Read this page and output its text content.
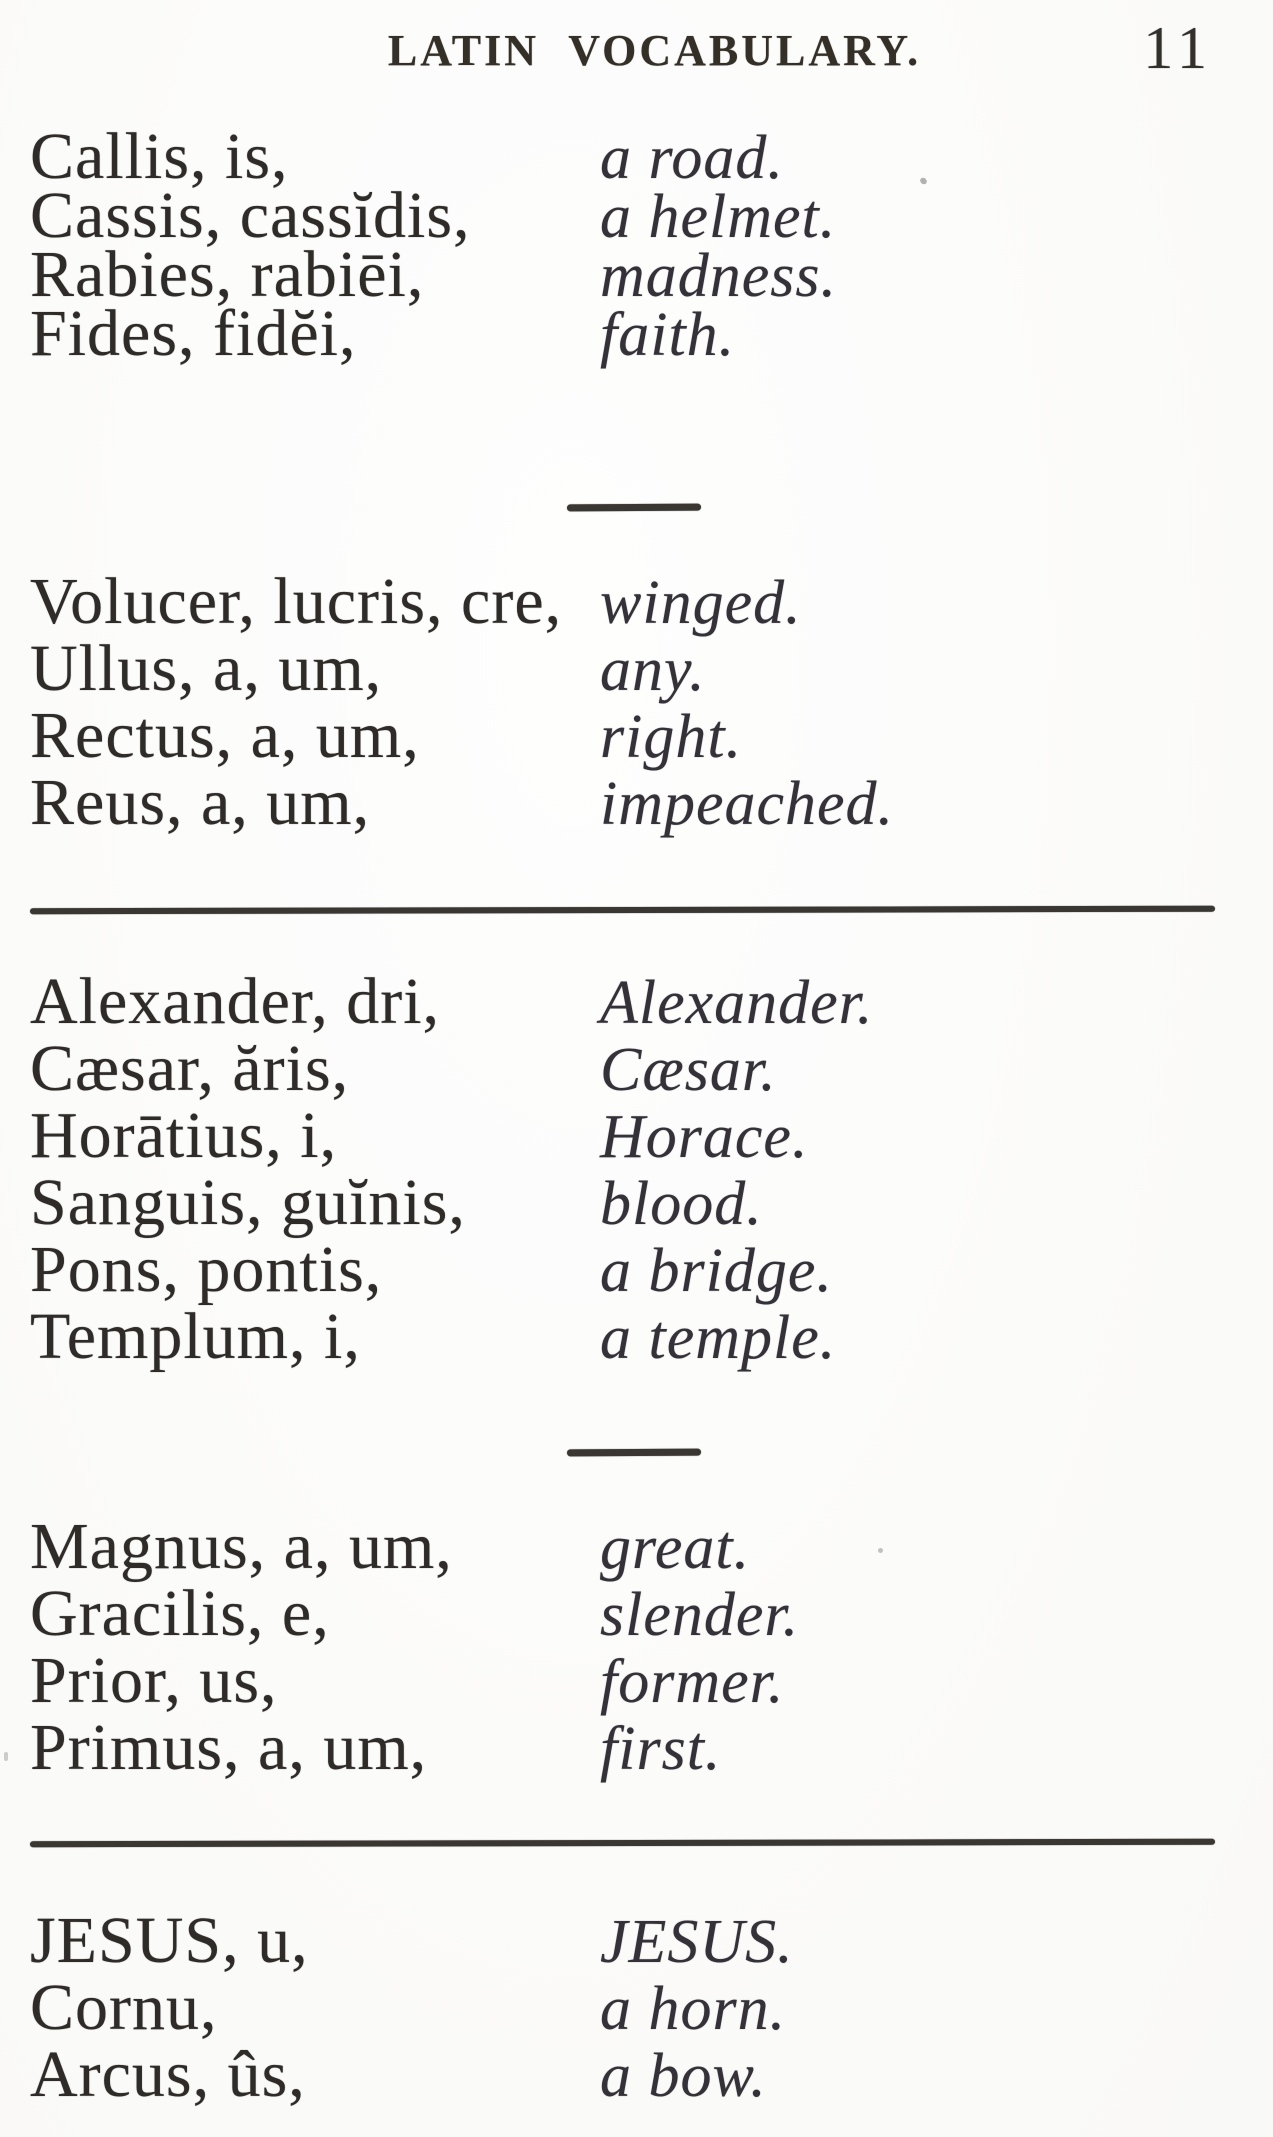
LATIN VOCABULARY.	11
Callis, is,	a road.
Cassis, cassĭdis,	a helmet.
Rabies, rabiēi,	madness.
Fides, fidĕi,	faith.
Volucer, lucris, cre, winged.
Ullus, a, um,	any.
Rectus, a, um,	right.
Reus, a, um,	impeached.
Alexander, dri,	Alexander.
Cæsar, ăris,	Cæsar.
Horātius, i,	Horace.
Sanguis, guĭnis,	blood.
Pons, pontis,	a bridge.
Templum, i,	a temple.
Magnus, a, um,	great.
Gracilis, e,	slender.
Prior, us,	former.
Primus, a, um,	first.
JESUS, u,	JESUS.
Cornu,	a horn.
Arcus, ûs,	a bow.
